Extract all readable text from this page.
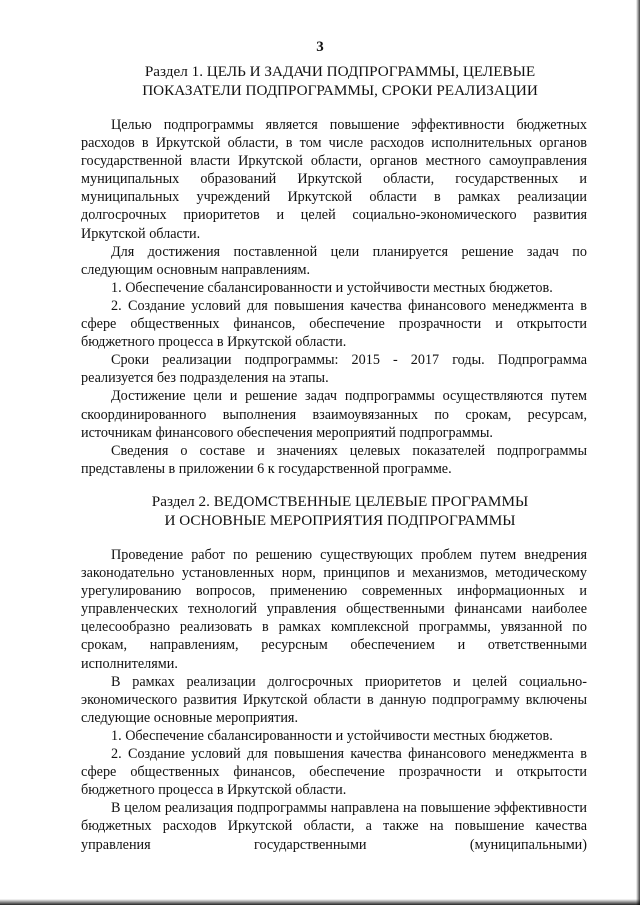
3
Раздел 1. ЦЕЛЬ И ЗАДАЧИ ПОДПРОГРАММЫ, ЦЕЛЕВЫЕ
ПОКАЗАТЕЛИ ПОДПРОГРАММЫ, СРОКИ РЕАЛИЗАЦИИ

Целью подпрограммы является повышение эффективности бюджетных расходов в Иркутской области, в том числе расходов исполнительных органов государственной власти Иркутской области, органов местного самоуправления муниципальных образований Иркутской области, государственных и муниципальных учреждений Иркутской области в рамках реализации долгосрочных приоритетов и целей социально-экономического развития Иркутской области.

Для достижения поставленной цели планируется решение задач по следующим основным направлениям.

1. Обеспечение сбалансированности и устойчивости местных бюджетов.

2. Создание условий для повышения качества финансового менеджмента в сфере общественных финансов, обеспечение прозрачности и открытости бюджетного процесса в Иркутской области.

Сроки реализации подпрограммы: 2015 - 2017 годы. Подпрограмма реализуется без подразделения на этапы.

Достижение цели и решение задач подпрограммы осуществляются путем скоординированного выполнения взаимоувязанных по срокам, ресурсам, источникам финансового обеспечения мероприятий подпрограммы.

Сведения о составе и значениях целевых показателей подпрограммы представлены в приложении 6 к государственной программе.

Раздел 2. ВЕДОМСТВЕННЫЕ ЦЕЛЕВЫЕ ПРОГРАММЫ
И ОСНОВНЫЕ МЕРОПРИЯТИЯ ПОДПРОГРАММЫ

Проведение работ по решению существующих проблем путем внедрения законодательно установленных норм, принципов и механизмов, методическому урегулированию вопросов, применению современных информационных и управленческих технологий управления общественными финансами наиболее целесообразно реализовать в рамках комплексной программы, увязанной по срокам, направлениям, ресурсным обеспечением и ответственными исполнителями.

В рамках реализации долгосрочных приоритетов и целей социально-экономического развития Иркутской области в данную подпрограмму включены следующие основные мероприятия.

1. Обеспечение сбалансированности и устойчивости местных бюджетов.

2. Создание условий для повышения качества финансового менеджмента в сфере общественных финансов, обеспечение прозрачности и открытости бюджетного процесса в Иркутской области.

В целом реализация подпрограммы направлена на повышение эффективности бюджетных расходов Иркутской области, а также на повышение качества управления государственными (муниципальными)
